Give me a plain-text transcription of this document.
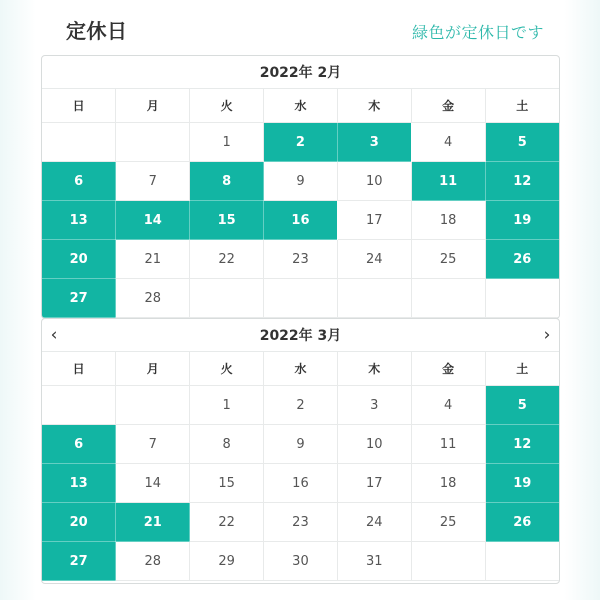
定休日	緑色が定休日です
2022年 2月
日	月	火	水	木	金	土
		1	2	3	4	5
6	7	8	9	10	11	12
13	14	15	16	17	18	19
20	21	22	23	24	25	26
27	28					
‹	2022年 3月	›
日	月	火	水	木	金	土
		1	2	3	4	5
6	7	8	9	10	11	12
13	14	15	16	17	18	19
20	21	22	23	24	25	26
27	28	29	30	31		
